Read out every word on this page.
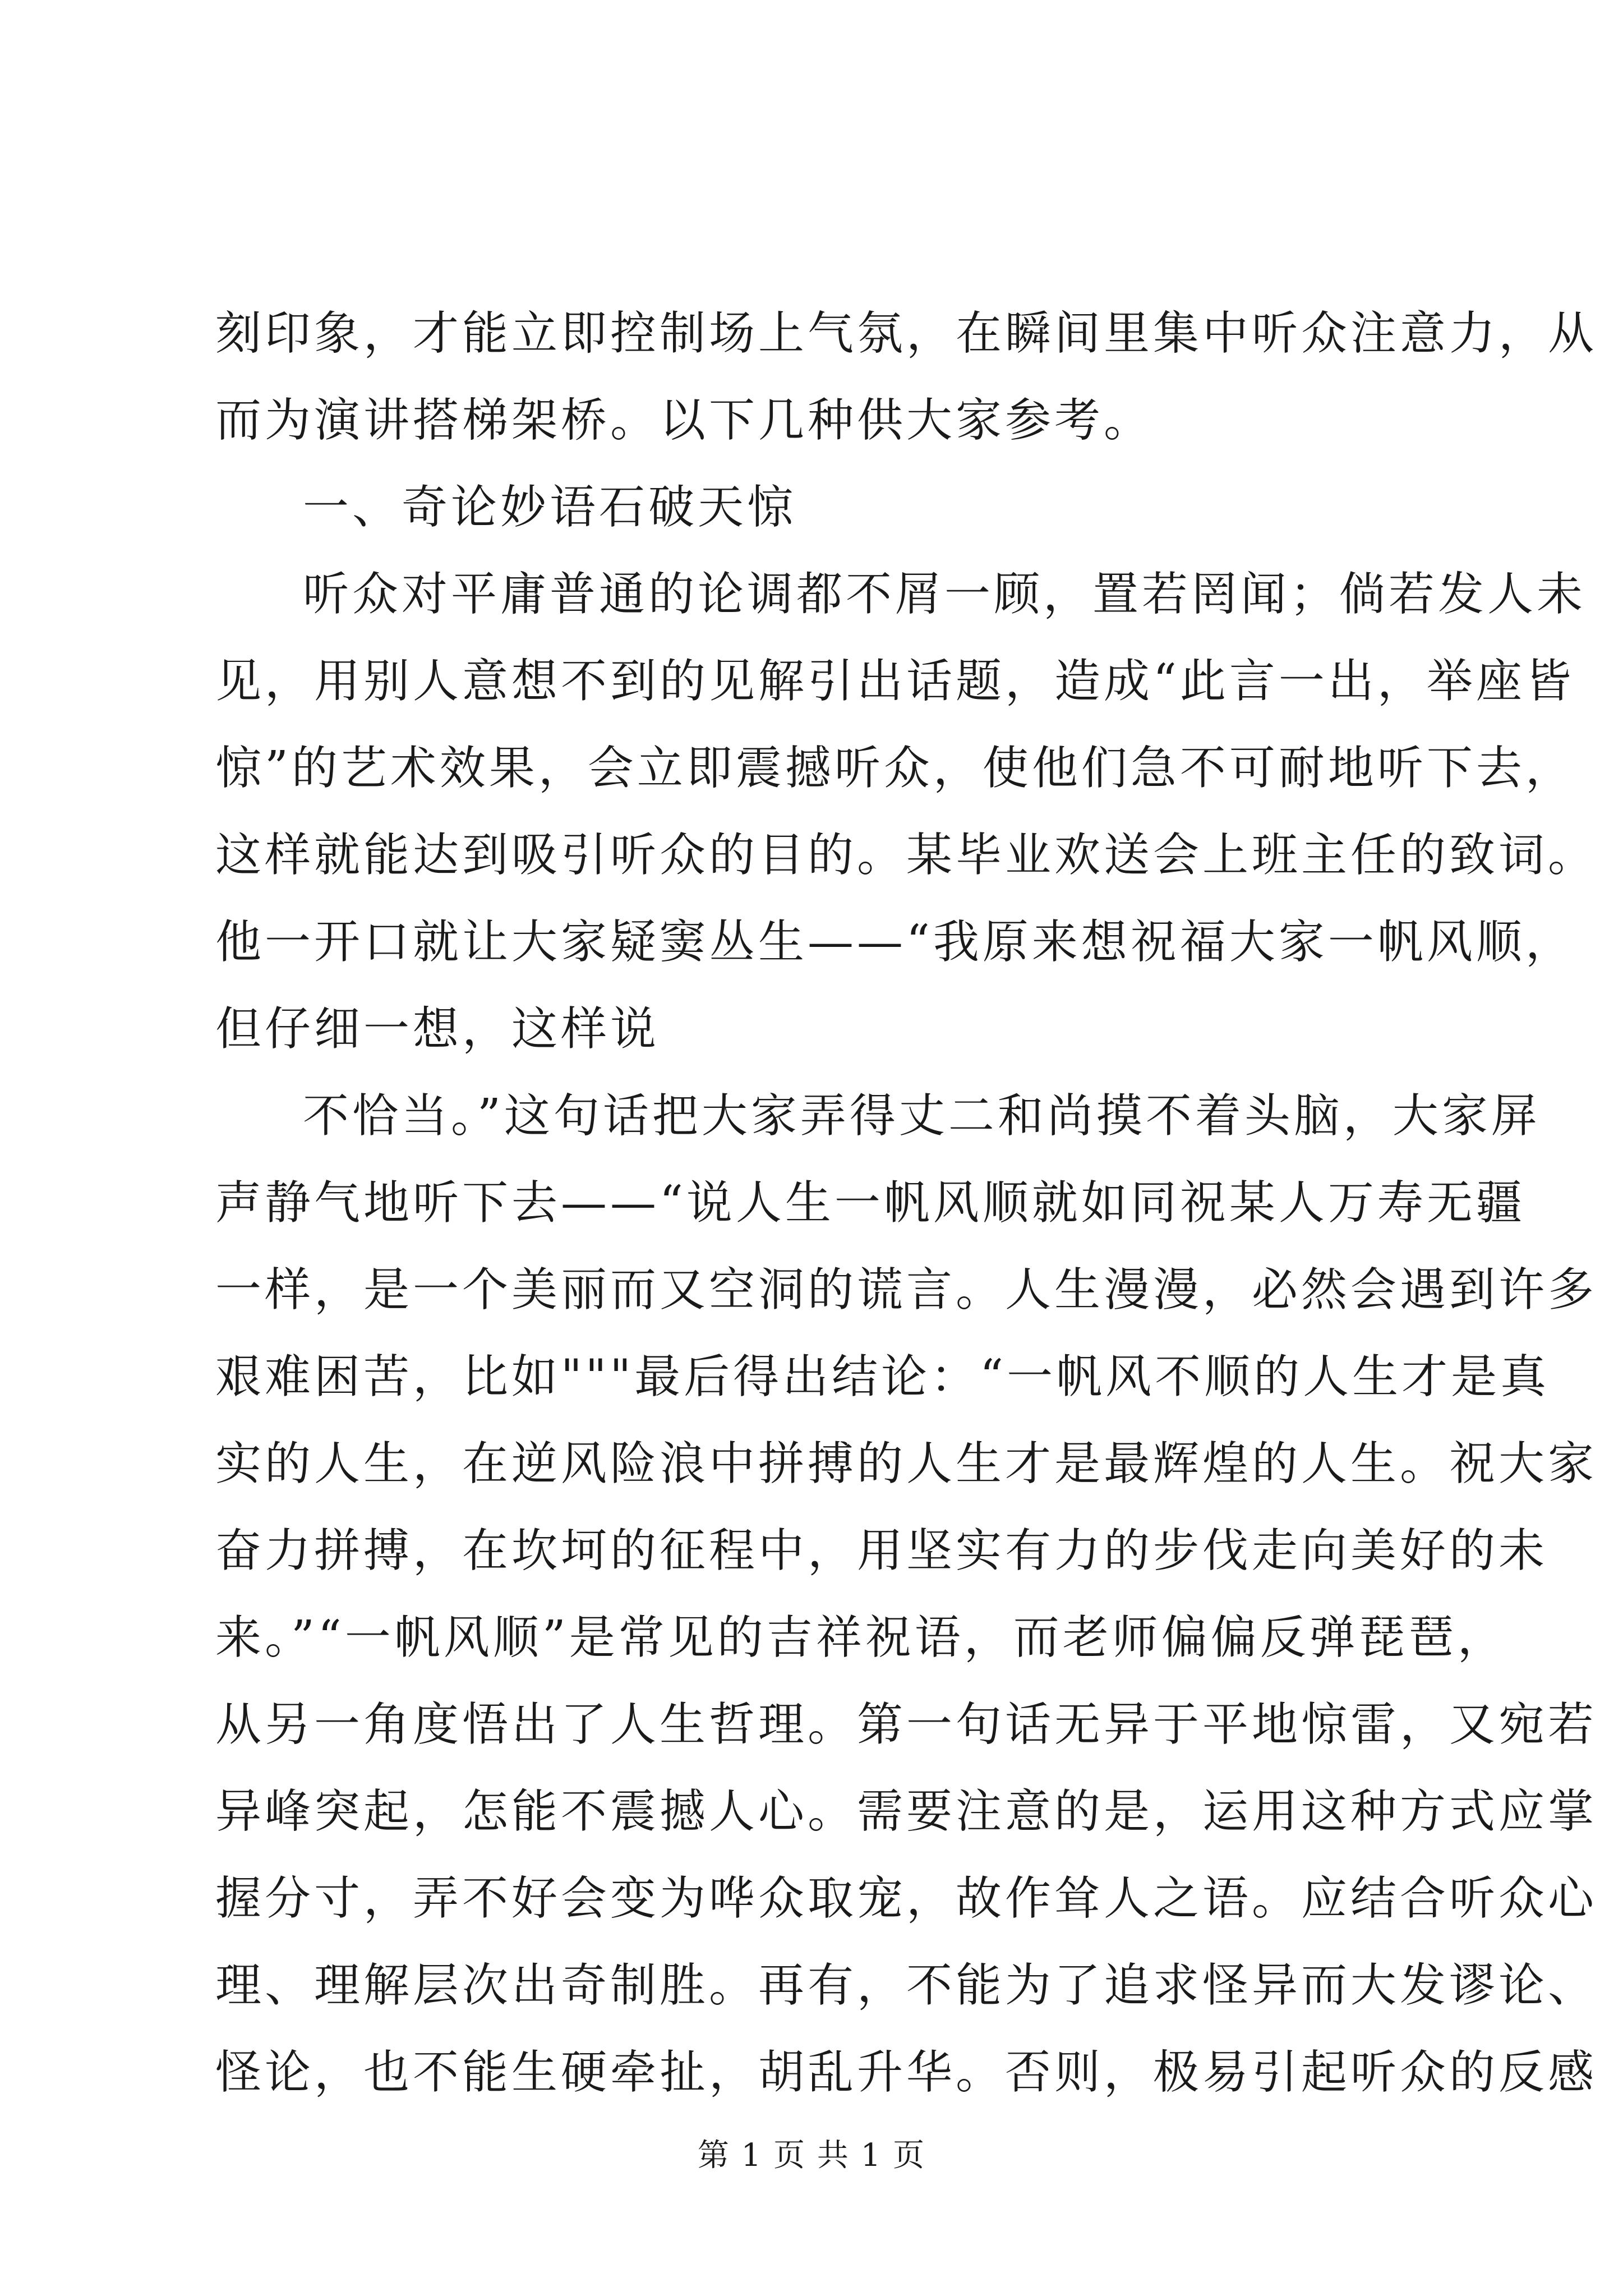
刻印象，才能立即控制场上气氛，在瞬间里集中听众注意力，从
而为演讲搭梯架桥。以下几种供大家参考。
一、奇论妙语石破天惊
听众对平庸普通的论调都不屑一顾，置若罔闻；倘若发人未
见，用别人意想不到的见解引出话题，造成“此言一出，举座皆
惊”的艺术效果，会立即震撼听众，使他们急不可耐地听下去，
这样就能达到吸引听众的目的。某毕业欢送会上班主任的致词。
他一开口就让大家疑窦丛生——“我原来想祝福大家一帆风顺，
但仔细一想，这样说
不恰当。”这句话把大家弄得丈二和尚摸不着头脑，大家屏
声静气地听下去——“说人生一帆风顺就如同祝某人万寿无疆
一样，是一个美丽而又空洞的谎言。人生漫漫，必然会遇到许多
艰难困苦，比如"""最后得出结论：“一帆风不顺的人生才是真
实的人生，在逆风险浪中拼搏的人生才是最辉煌的人生。祝大家
奋力拼搏，在坎坷的征程中，用坚实有力的步伐走向美好的未
来。”“一帆风顺”是常见的吉祥祝语，而老师偏偏反弹琵琶，
从另一角度悟出了人生哲理。第一句话无异于平地惊雷，又宛若
异峰突起，怎能不震撼人心。需要注意的是，运用这种方式应掌
握分寸，弄不好会变为哗众取宠，故作耸人之语。应结合听众心
理、理解层次出奇制胜。再有，不能为了追求怪异而大发谬论、
怪论，也不能生硬牵扯，胡乱升华。否则，极易引起听众的反感
第 1 页 共 1 页
